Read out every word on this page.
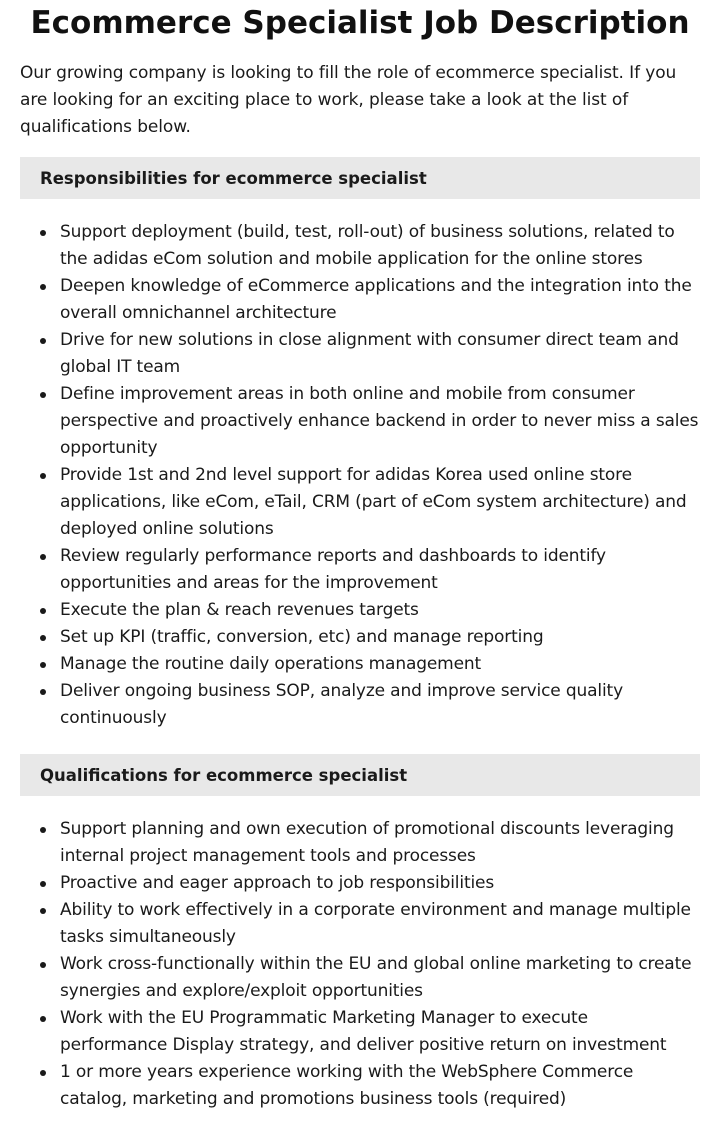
Ecommerce Specialist Job Description

Our growing company is looking to fill the role of ecommerce specialist. If you are looking for an exciting place to work, please take a look at the list of qualifications below.

Responsibilities for ecommerce specialist
Support deployment (build, test, roll-out) of business solutions, related to the adidas eCom solution and mobile application for the online stores
Deepen knowledge of eCommerce applications and the integration into the overall omnichannel architecture
Drive for new solutions in close alignment with consumer direct team and global IT team
Define improvement areas in both online and mobile from consumer perspective and proactively enhance backend in order to never miss a sales opportunity
Provide 1st and 2nd level support for adidas Korea used online store applications, like eCom, eTail, CRM (part of eCom system architecture) and deployed online solutions
Review regularly performance reports and dashboards to identify opportunities and areas for the improvement
Execute the plan & reach revenues targets
Set up KPI (traffic, conversion, etc) and manage reporting
Manage the routine daily operations management
Deliver ongoing business SOP, analyze and improve service quality continuously
Qualifications for ecommerce specialist
Support planning and own execution of promotional discounts leveraging internal project management tools and processes
Proactive and eager approach to job responsibilities
Ability to work effectively in a corporate environment and manage multiple tasks simultaneously
Work cross-functionally within the EU and global online marketing to create synergies and explore/exploit opportunities
Work with the EU Programmatic Marketing Manager to execute performance Display strategy, and deliver positive return on investment
1 or more years experience working with the WebSphere Commerce catalog, marketing and promotions business tools (required)
